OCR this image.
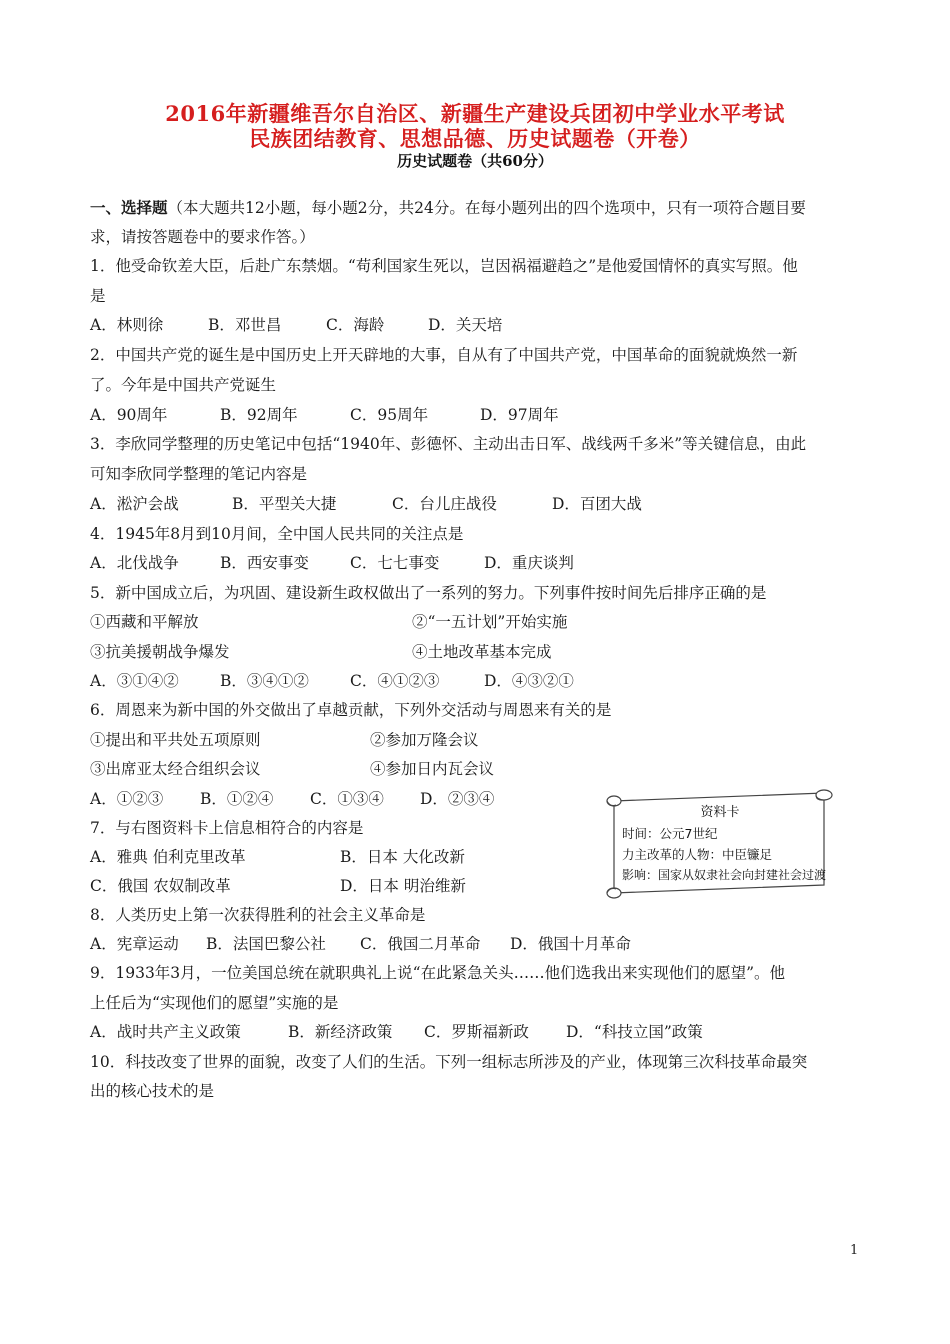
2016年新疆维吾尔自治区、新疆生产建设兵团初中学业水平考试
民族团结教育、思想品德、历史试题卷（开卷）
历史试题卷（共60分）
一、选择题（本大题共12小题，每小题2分，共24分。在每小题列出的四个选项中，只有一项符合题目要
求，请按答题卷中的要求作答。）
1．他受命钦差大臣，后赴广东禁烟。“苟利国家生死以，岂因祸福避趋之”是他爱国情怀的真实写照。他
是
A．林则徐	B．邓世昌	C．海龄	D．关天培
2．中国共产党的诞生是中国历史上开天辟地的大事，自从有了中国共产党，中国革命的面貌就焕然一新
了。今年是中国共产党诞生
A．90周年	B．92周年	C．95周年	D．97周年
3．李欣同学整理的历史笔记中包括“1940年、彭德怀、主动出击日军、战线两千多米”等关键信息，由此
可知李欣同学整理的笔记内容是
A．淞沪会战	B．平型关大捷	C．台儿庄战役	D．百团大战
4．1945年8月到10月间，全中国人民共同的关注点是
A．北伐战争	B．西安事变	C．七七事变	D．重庆谈判
5．新中国成立后，为巩固、建设新生政权做出了一系列的努力。下列事件按时间先后排序正确的是
①西藏和平解放	②“一五计划”开始实施
③抗美援朝战争爆发	④土地改革基本完成
A．③①④②	B．③④①②	C．④①②③	D．④③②①
6．周恩来为新中国的外交做出了卓越贡献，下列外交活动与周恩来有关的是
①提出和平共处五项原则	②参加万隆会议
③出席亚太经合组织会议	④参加日内瓦会议
A．①②③ B．①②④ C．①③④ D．②③④
资料卡
时间：公元7世纪
力主改革的人物：中臣镰足
影响：国家从奴隶社会向封建社会过渡
7．与右图资料卡上信息相符合的内容是
A．雅典 伯利克里改革	B．日本 大化改新
C．俄国 农奴制改革	D．日本 明治维新
8．人类历史上第一次获得胜利的社会主义革命是
A．宪章运动 B．法国巴黎公社 C．俄国二月革命 D．俄国十月革命
9．1933年3月，一位美国总统在就职典礼上说“在此紧急关头……他们选我出来实现他们的愿望”。他
上任后为“实现他们的愿望”实施的是
A．战时共产主义政策	B．新经济政策 C．罗斯福新政 D．“科技立国”政策
10．科技改变了世界的面貌，改变了人们的生活。下列一组标志所涉及的产业，体现第三次科技革命最突
出的核心技术的是
1
